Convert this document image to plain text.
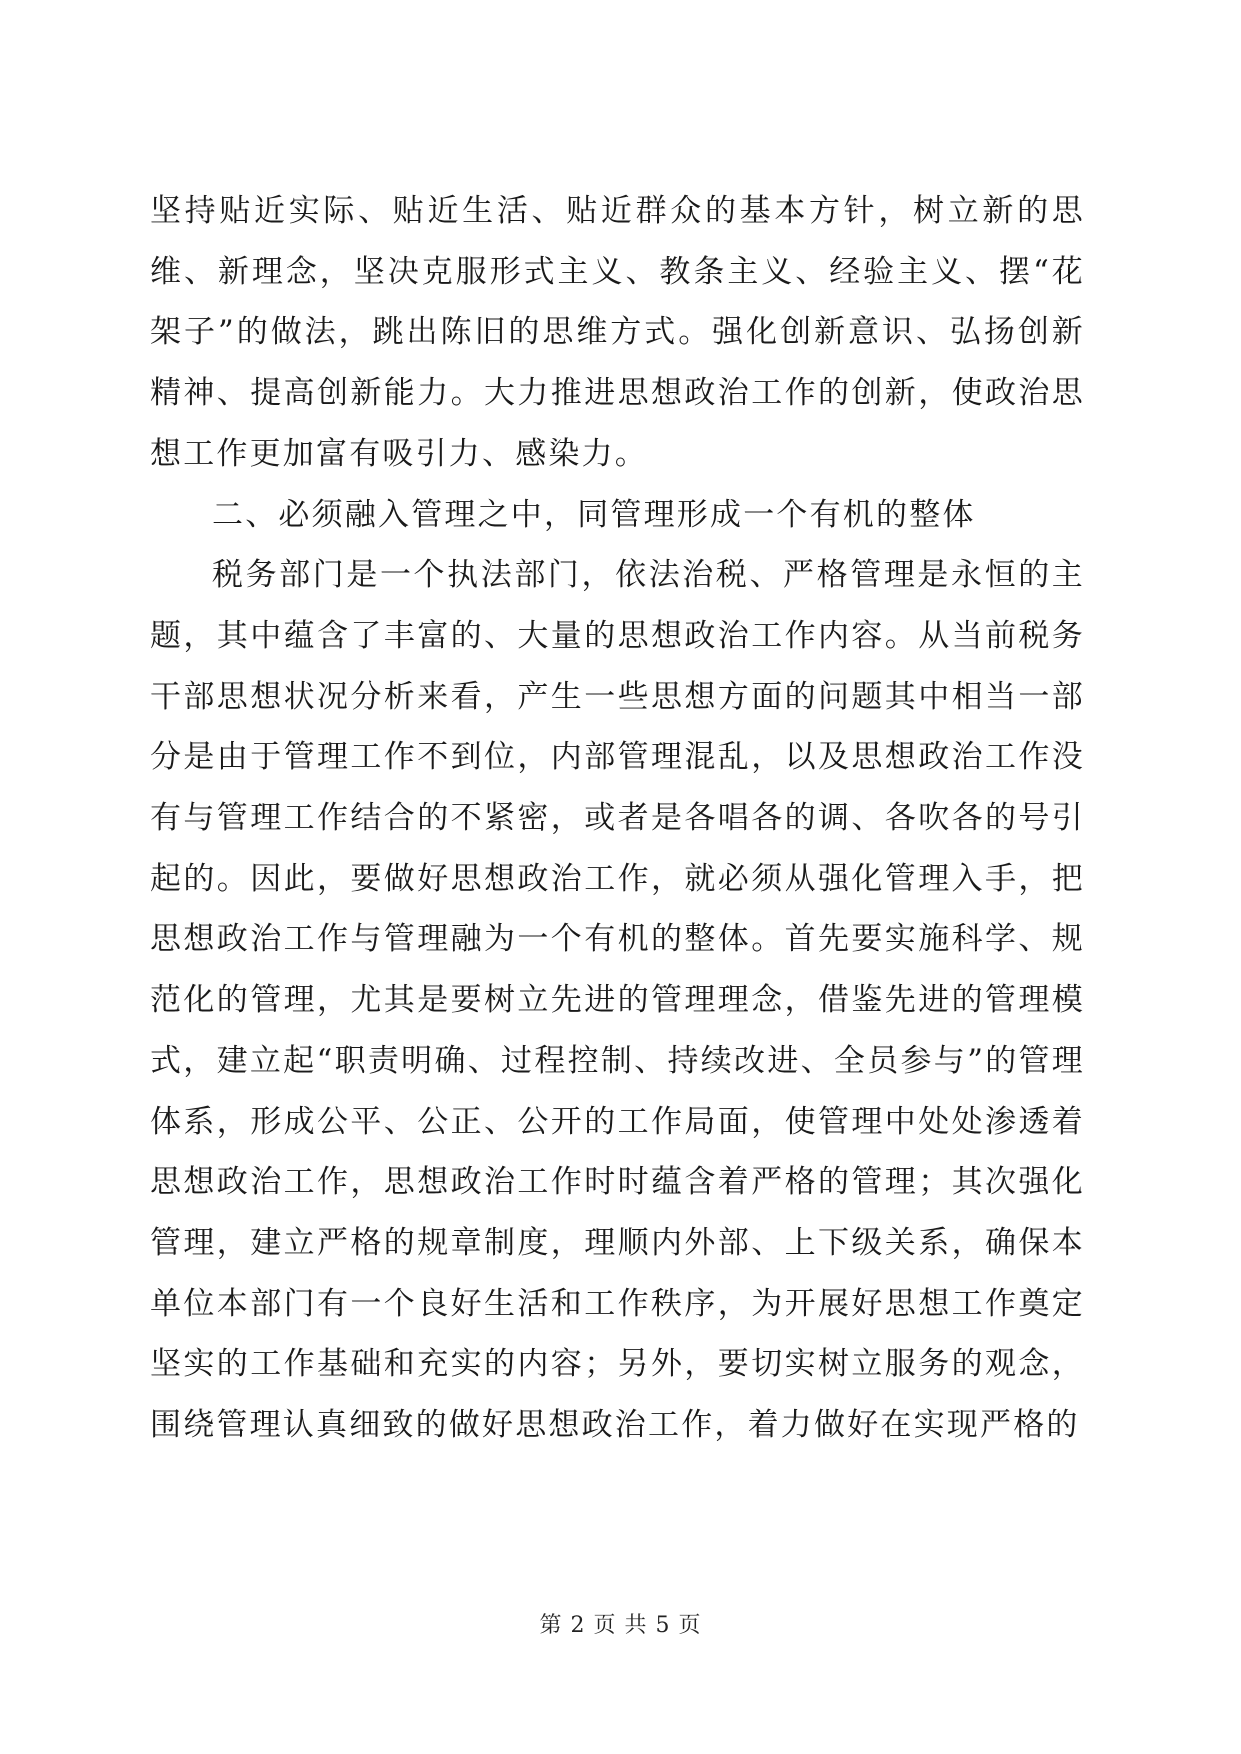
坚持贴近实际、贴近生活、贴近群众的基本方针，树立新的思维、新理念，坚决克服形式主义、教条主义、经验主义、摆“花架子”的做法，跳出陈旧的思维方式。强化创新意识、弘扬创新精神、提高创新能力。大力推进思想政治工作的创新，使政治思想工作更加富有吸引力、感染力。

二、必须融入管理之中，同管理形成一个有机的整体

税务部门是一个执法部门，依法治税、严格管理是永恒的主题，其中蕴含了丰富的、大量的思想政治工作内容。从当前税务干部思想状况分析来看，产生一些思想方面的问题其中相当一部分是由于管理工作不到位，内部管理混乱，以及思想政治工作没有与管理工作结合的不紧密，或者是各唱各的调、各吹各的号引起的。因此，要做好思想政治工作，就必须从强化管理入手，把思想政治工作与管理融为一个有机的整体。首先要实施科学、规范化的管理，尤其是要树立先进的管理理念，借鉴先进的管理模式，建立起“职责明确、过程控制、持续改进、全员参与”的管理体系，形成公平、公正、公开的工作局面，使管理中处处渗透着思想政治工作，思想政治工作时时蕴含着严格的管理；其次强化管理，建立严格的规章制度，理顺内外部、上下级关系，确保本单位本部门有一个良好生活和工作秩序，为开展好思想工作奠定坚实的工作基础和充实的内容；另外，要切实树立服务的观念，围绕管理认真细致的做好思想政治工作，着力做好在实现严格的

第 2 页 共 5 页
